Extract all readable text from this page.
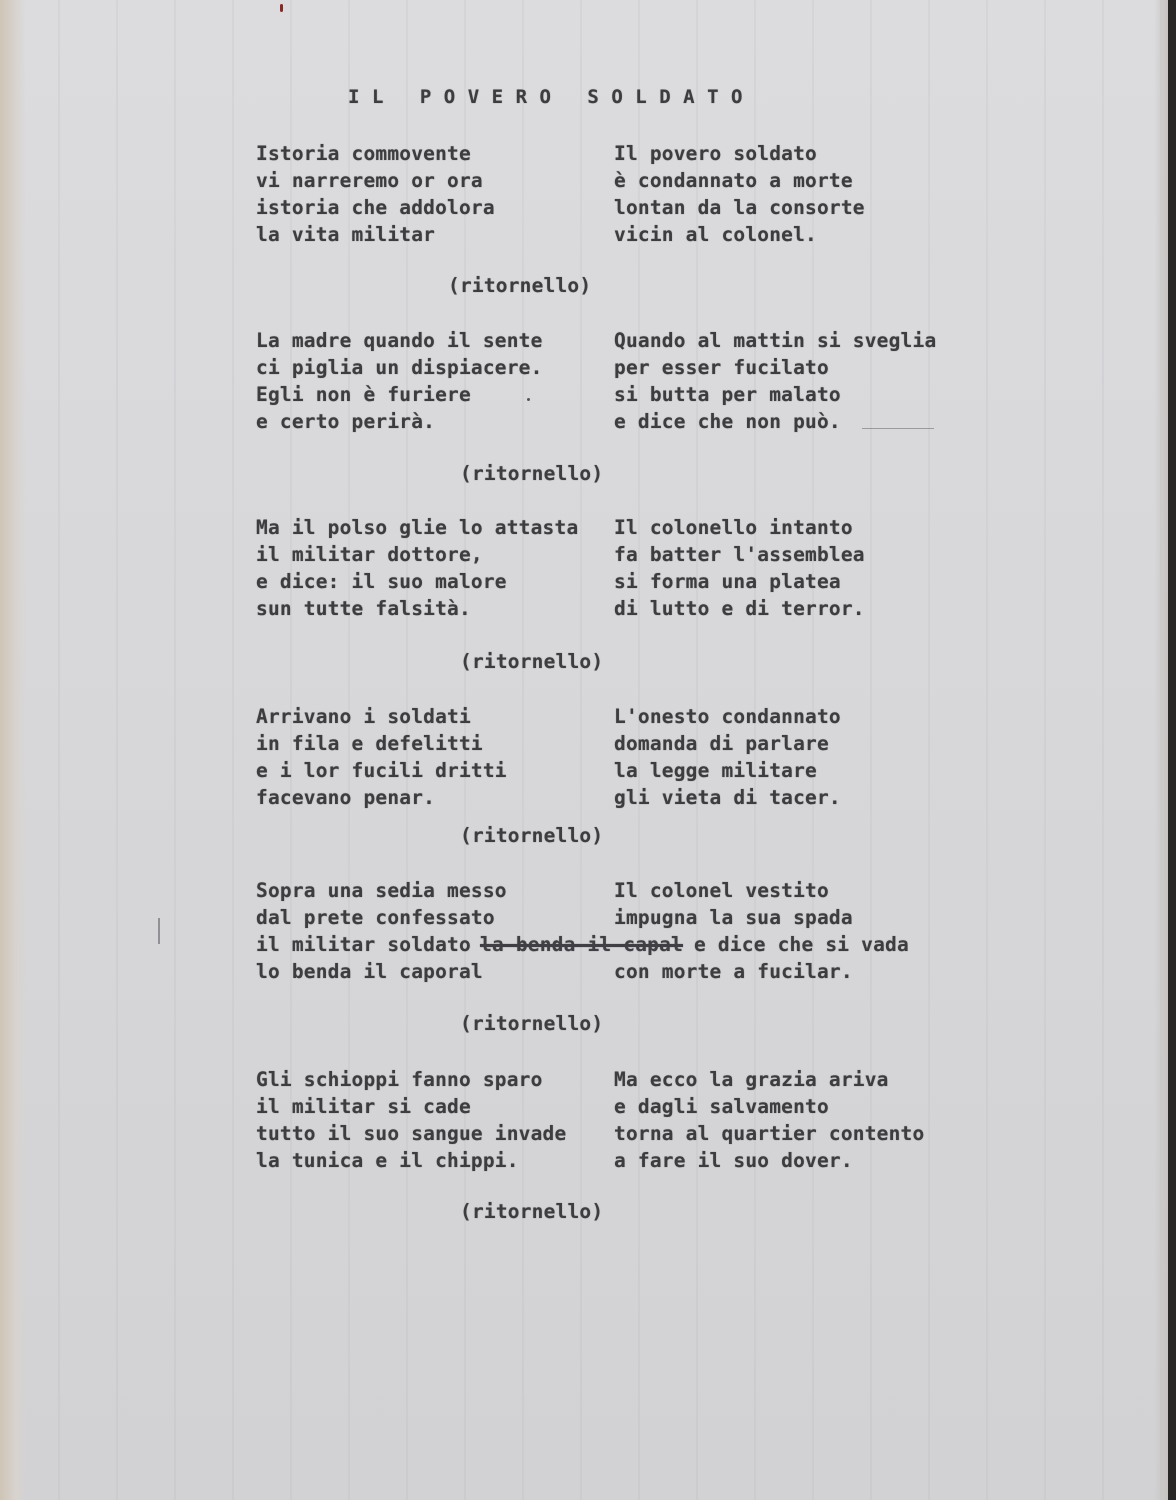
IL POVERO SOLDATO
Istoria commovente
vi narreremo or ora
istoria che addolora
la vita militar
Il povero soldato
è condannato a morte
lontan da la consorte
vicin al colonel.
(ritornello)
La madre quando il sente
ci piglia un dispiacere.
Egli non è furiere
e certo perirà.
Quando al mattin si sveglia
per esser fucilato
si butta per malato
e dice che non può.
(ritornello)
Ma il polso glie lo attasta
il militar dottore,
e dice: il suo malore
sun tutte falsità.
Il colonello intanto
fa batter l'assemblea
si forma una platea
di lutto e di terror.
(ritornello)
Arrivano i soldati
in fila e defelitti
e i lor fucili dritti
facevano penar.
L'onesto condannato
domanda di parlare
la legge militare
gli vieta di tacer.
(ritornello)
Sopra una sedia messo
dal prete confessato
il militar soldato la benda il capal
lo benda il caporal
Il colonel vestito
impugna la sua spada
e dice che si vada
con morte a fucilar.
(ritornello)
Gli schioppi fanno sparo
il militar si cade
tutto il suo sangue invade
la tunica e il chippi.
Ma ecco la grazia ariva
e dagli salvamento
torna al quartier contento
a fare il suo dover.
(ritornello)
